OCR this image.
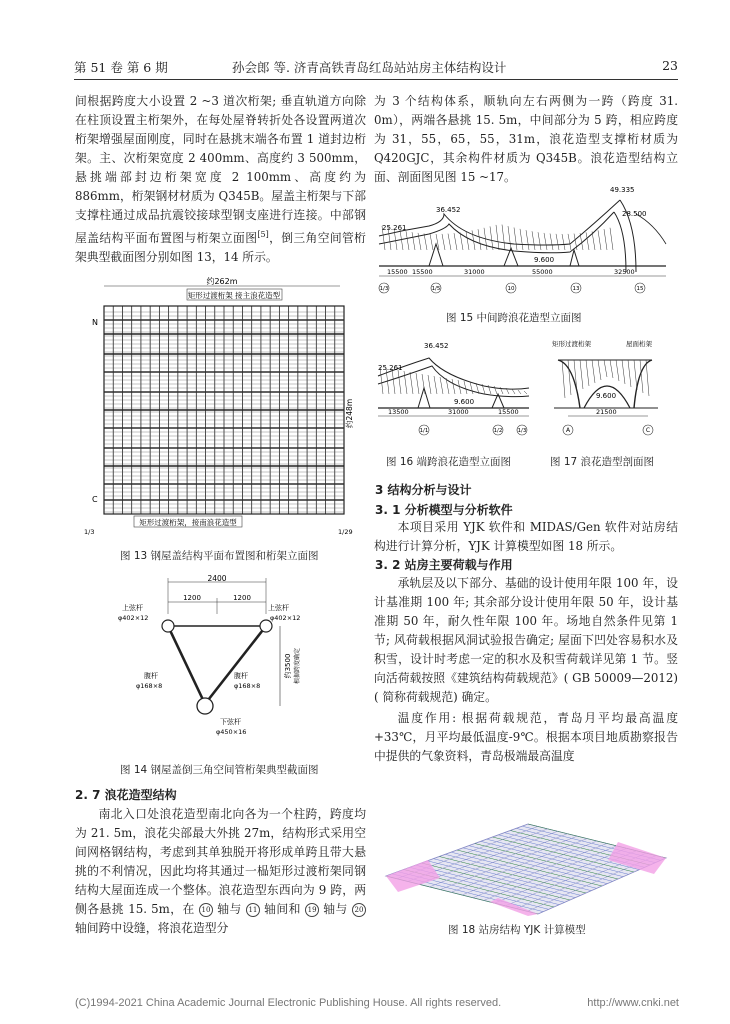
第 51 卷 第 6 期	孙会郎 等. 济青高铁青岛红岛站站房主体结构设计	23

间根据跨度大小设置 2 ~3 道次桁架; 垂直轨道方向除在柱顶设置主桁架外，在每处屋脊转折处各设置两道次桁架增强屋面刚度，同时在悬挑末端各布置 1 道封边桁架。主、次桁架宽度 2 400mm、高度约 3 500mm，悬挑端部封边桁架宽度 2 100mm、高度约为 886mm，桁架钢材材质为 Q345B。屋盖主桁架与下部支撑柱通过成品抗震铰接球型钢支座进行连接。中部钢屋盖结构平面布置图与桁架立面图[5]，倒三角空间管桁架典型截面图分别如图 13，14 所示。

约262m
矩形过渡桁架 接主浪花造型
N
C
约248m
矩形过渡桁架，接南浪花造型
1/3	1/29
图 13 钢屋盖结构平面布置图和桁架立面图
2400
1200	1200
上弦杆
φ402×12
上弦杆
φ402×12
腹杆
φ168×8
腹杆
φ168×8
下弦杆
φ450×16
约3500 根据跨度确定
图 14 钢屋盖倒三角空间管桁架典型截面图
2. 7 浪花造型结构

南北入口处浪花造型南北向各为一个柱跨，跨度均为 21. 5m，浪花尖部最大外挑 27m，结构形式采用空间网格钢结构，考虑到其单独脱开将形成单跨且带大悬挑的不利情况，因此均将其通过一榀矩形过渡桁架同钢结构大屋面连成一个整体。浪花造型东西向为 9 跨，两侧各悬挑 15. 5m，在 10 轴与 11 轴间和 19 轴与 20 轴间跨中设缝，将浪花造型分

为 3 个结构体系，顺轨向左右两侧为一跨（跨度 31. 0m），两端各悬挑 15. 5m，中间部分为 5 跨，相应跨度为 31，55，65，55，31m，浪花造型支撑桁材质为 Q420GJC，其余构件材质为 Q345B。浪花造型结构立面、剖面图见图 15 ~17。

25.261
36.452
49.335
28.500
9.600
15500 15500	31000	55000	32500
1/3	1/5	10	13	15
图 15 中间跨浪花造型立面图
25.261
36.452
9.600
13500	31000	15500
1/1	1/2	1/3
图 16 端跨浪花造型立面图
矩形过渡桁架	屋面桁架
9.600
21500
A	C
图 17 浪花造型剖面图
3 结构分析与设计
3. 1 分析模型与分析软件

本项目采用 YJK 软件和 MIDAS/Gen 软件对站房结构进行计算分析，YJK 计算模型如图 18 所示。

3. 2 站房主要荷载与作用

承轨层及以下部分、基础的设计使用年限 100 年，设计基准期 100 年; 其余部分设计使用年限 50 年，设计基准期 50 年，耐久性年限 100 年。场地自然条件见第 1 节; 风荷载根据风洞试验报告确定; 屋面下凹处容易积水及积雪，设计时考虑一定的积水及积雪荷载详见第 1 节。竖向活荷载按照《建筑结构荷载规范》( GB 50009—2012) ( 简称荷载规范) 确定。

温度作用: 根据荷载规范，青岛月平均最高温度+33℃，月平均最低温度-9℃。根据本项目地质勘察报告中提供的气象资料，青岛极端最高温度

图 18 站房结构 YJK 计算模型
(C)1994-2021 China Academic Journal Electronic Publishing House. All rights reserved.	http://www.cnki.net
